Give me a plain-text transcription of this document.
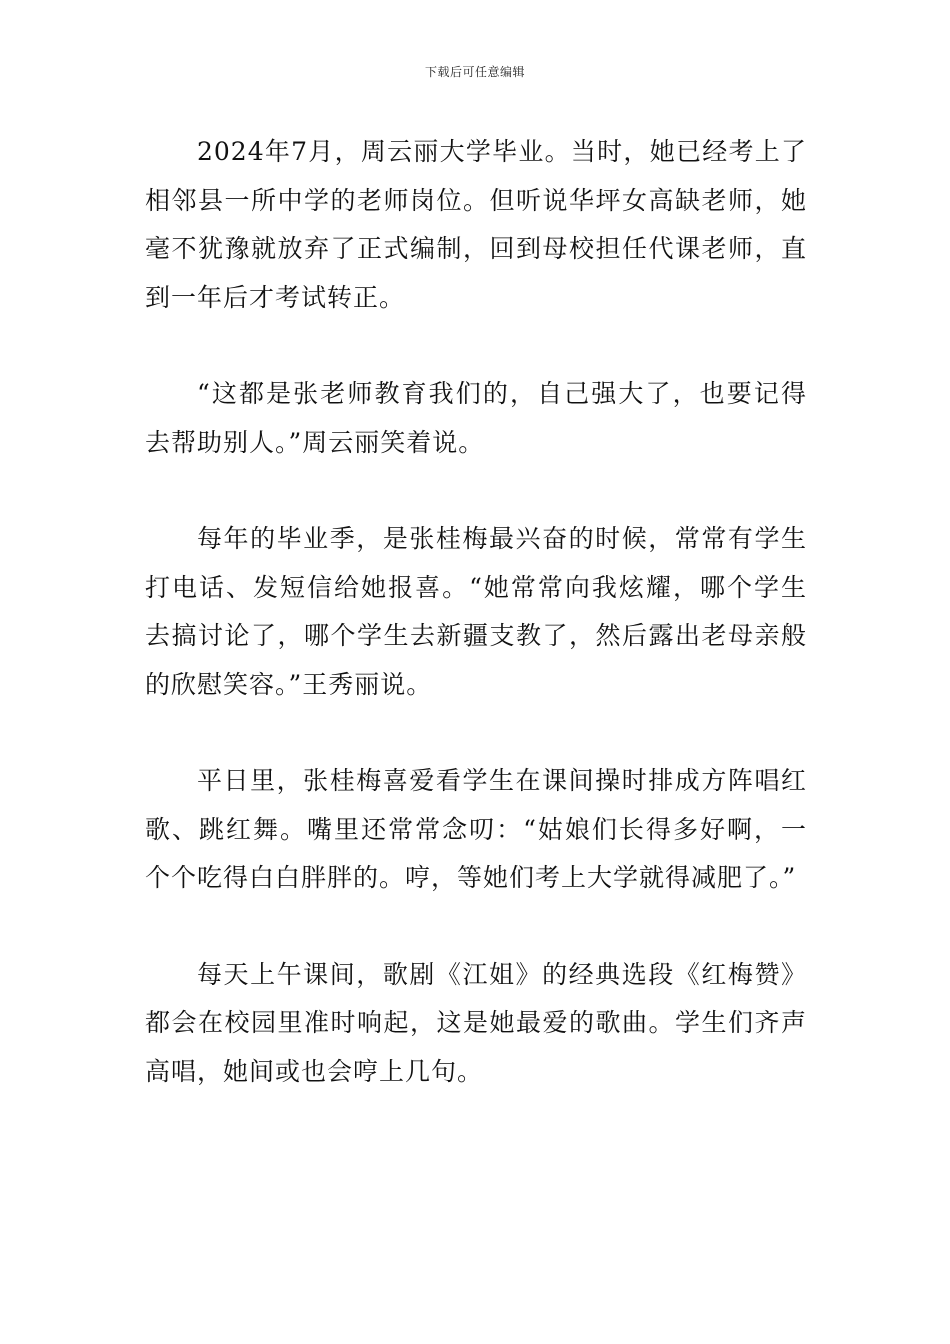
下载后可任意编辑

2024年7月，周云丽大学毕业。当时，她已经考上了相邻县一所中学的老师岗位。但听说华坪女高缺老师，她毫不犹豫就放弃了正式编制，回到母校担任代课老师，直到一年后才考试转正。

“这都是张老师教育我们的，自己强大了，也要记得去帮助别人。”周云丽笑着说。

每年的毕业季，是张桂梅最兴奋的时候，常常有学生打电话、发短信给她报喜。“她常常向我炫耀，哪个学生去搞讨论了，哪个学生去新疆支教了，然后露出老母亲般的欣慰笑容。”王秀丽说。

平日里，张桂梅喜爱看学生在课间操时排成方阵唱红歌、跳红舞。嘴里还常常念叨：“姑娘们长得多好啊，一个个吃得白白胖胖的。哼，等她们考上大学就得减肥了。”

每天上午课间，歌剧《江姐》的经典选段《红梅赞》都会在校园里准时响起，这是她最爱的歌曲。学生们齐声高唱，她间或也会哼上几句。
